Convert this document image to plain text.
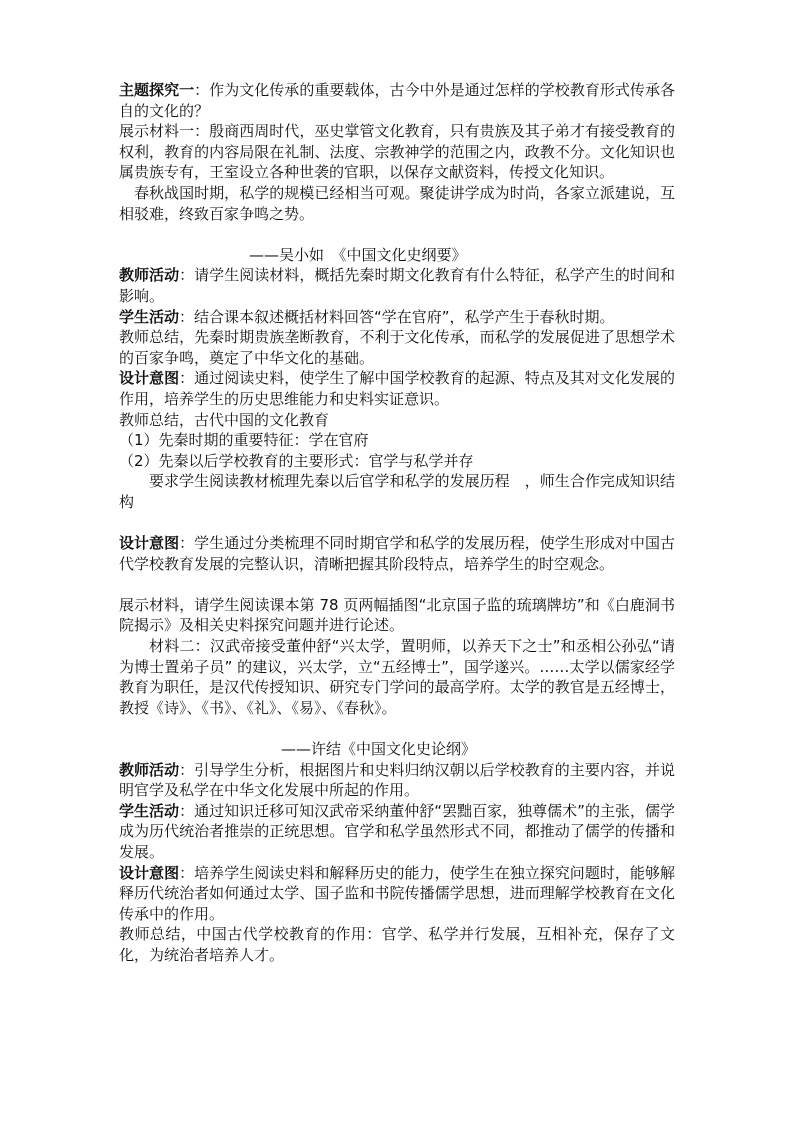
主题探究一：作为文化传承的重要载体，古今中外是通过怎样的学校教育形式传承各自的文化的？

展示材料一：殷商西周时代，巫史掌管文化教育，只有贵族及其子弟才有接受教育的权利，教育的内容局限在礼制、法度、宗教神学的范围之内，政教不分。文化知识也属贵族专有，王室设立各种世袭的官职，以保存文献资料，传授文化知识。

春秋战国时期，私学的规模已经相当可观。聚徒讲学成为时尚，各家立派建说，互相驳难，终致百家争鸣之势。

——吴小如　《中国文化史纲要》

教师活动：请学生阅读材料，概括先秦时期文化教育有什么特征，私学产生的时间和影响。

学生活动：结合课本叙述概括材料回答“学在官府”，私学产生于春秋时期。

教师总结，先秦时期贵族垄断教育，不利于文化传承，而私学的发展促进了思想学术的百家争鸣，奠定了中华文化的基础。

设计意图：通过阅读史料，使学生了解中国学校教育的起源、特点及其对文化发展的作用，培养学生的历史思维能力和史料实证意识。

教师总结，古代中国的文化教育

（1）先秦时期的重要特征：学在官府

（2）先秦以后学校教育的主要形式：官学与私学并存

要求学生阅读教材梳理先秦以后官学和私学的发展历程　，师生合作完成知识结构

设计意图：学生通过分类梳理不同时期官学和私学的发展历程，使学生形成对中国古代学校教育发展的完整认识，清晰把握其阶段特点，培养学生的时空观念。

展示材料，请学生阅读课本第 78 页两幅插图“北京国子监的琉璃牌坊”和《白鹿洞书院揭示》及相关史料探究问题并进行论述。

材料二：汉武帝接受董仲舒“兴太学，置明师，以养天下之士”和丞相公孙弘“请为博士置弟子员” 的建议，兴太学，立“五经博士”，国学遂兴。……太学以儒家经学教育为职任，是汉代传授知识、研究专门学问的最高学府。太学的教官是五经博士，教授《诗》、《书》、《礼》、《易》、《春秋》。

——许结《中国文化史论纲》

教师活动：引导学生分析，根据图片和史料归纳汉朝以后学校教育的主要内容，并说明官学及私学在中华文化发展中所起的作用。

学生活动：通过知识迁移可知汉武帝采纳董仲舒“罢黜百家，独尊儒术”的主张，儒学成为历代统治者推崇的正统思想。官学和私学虽然形式不同，都推动了儒学的传播和发展。

设计意图：培养学生阅读史料和解释历史的能力，使学生在独立探究问题时，能够解释历代统治者如何通过太学、国子监和书院传播儒学思想，进而理解学校教育在文化传承中的作用。

教师总结，中国古代学校教育的作用：官学、私学并行发展，互相补充，保存了文化，为统治者培养人才。
